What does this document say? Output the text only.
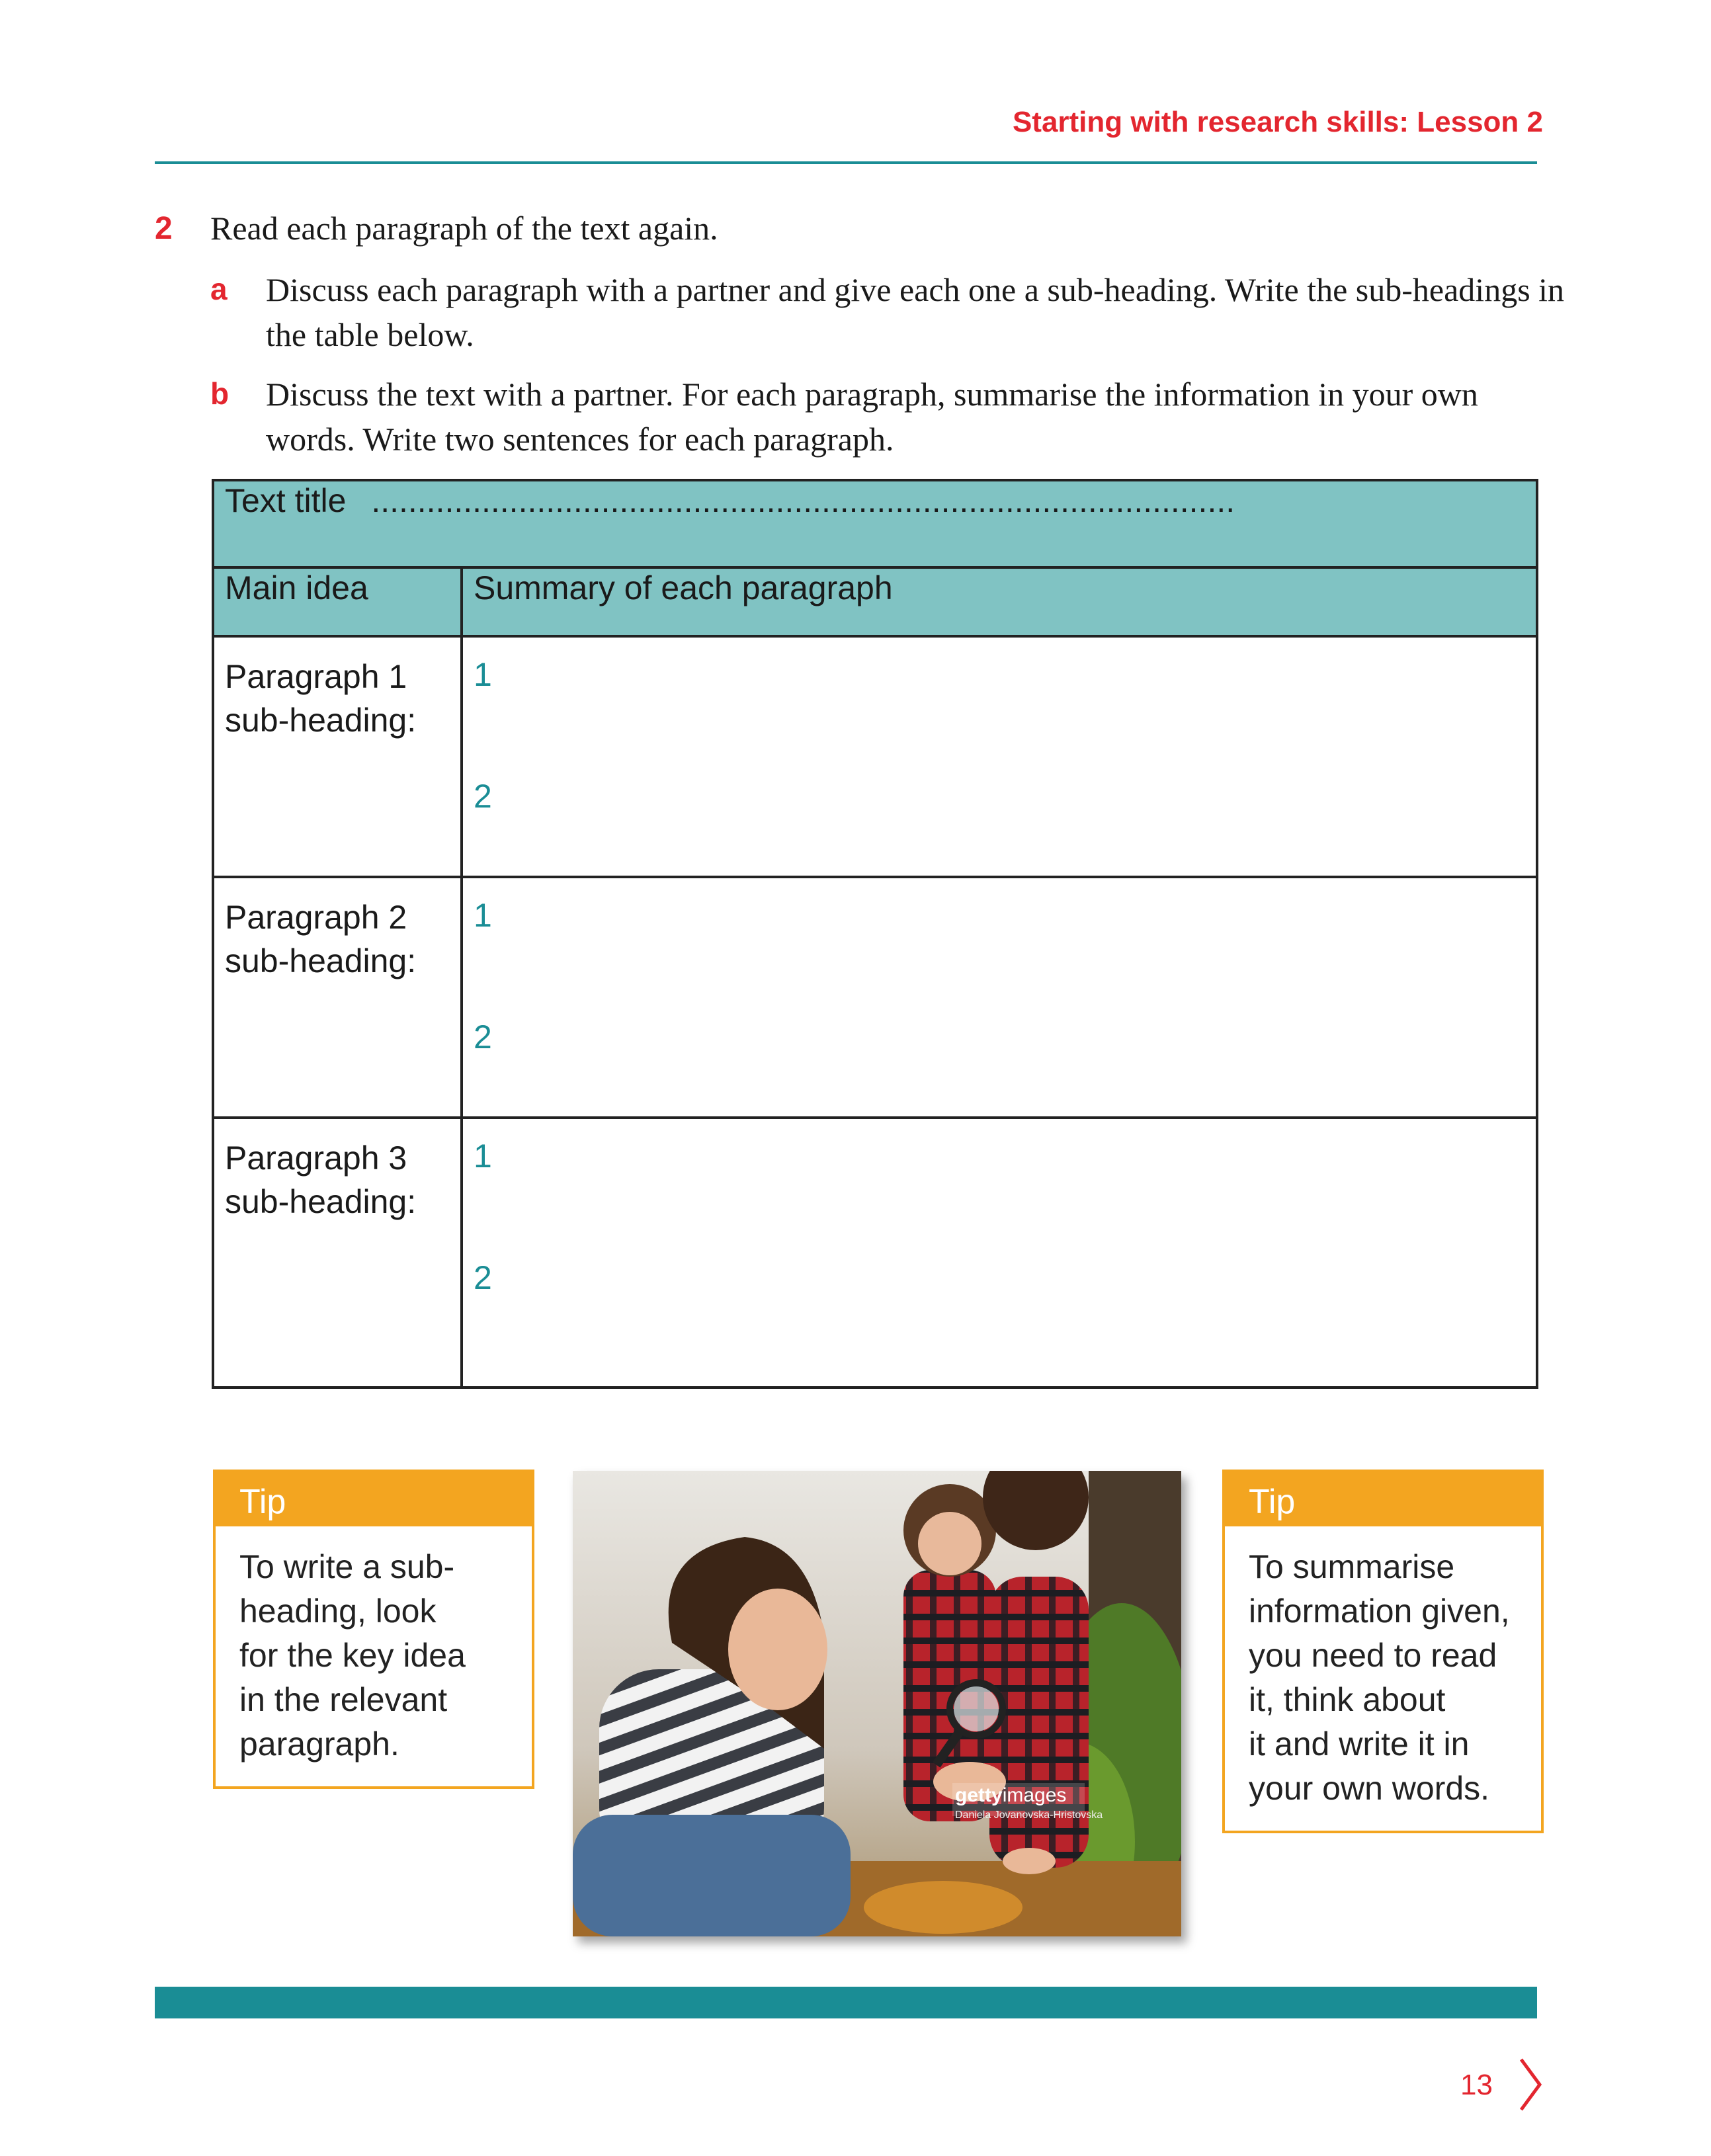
Starting with research skills: Lesson 2
2 Read each paragraph of the text again.
a Discuss each paragraph with a partner and give each one a sub-heading. Write the sub-headings in the table below.
b Discuss the text with a partner. For each paragraph, summarise the information in your own words. Write two sentences for each paragraph.
Text title ..............................................................................................	
Main idea	Summary of each paragraph

Paragraph 1
sub-heading:	1
2

Paragraph 2
sub-heading:	1
2

Paragraph 3
sub-heading:	1
2
Tip
To write a sub-
heading, look
for the key idea
in the relevant
paragraph.
gettyimages
Daniela Jovanovska-Hristovska
Tip
To summarise
information given,
you need to read
it, think about
it and write it in
your own words.
13
